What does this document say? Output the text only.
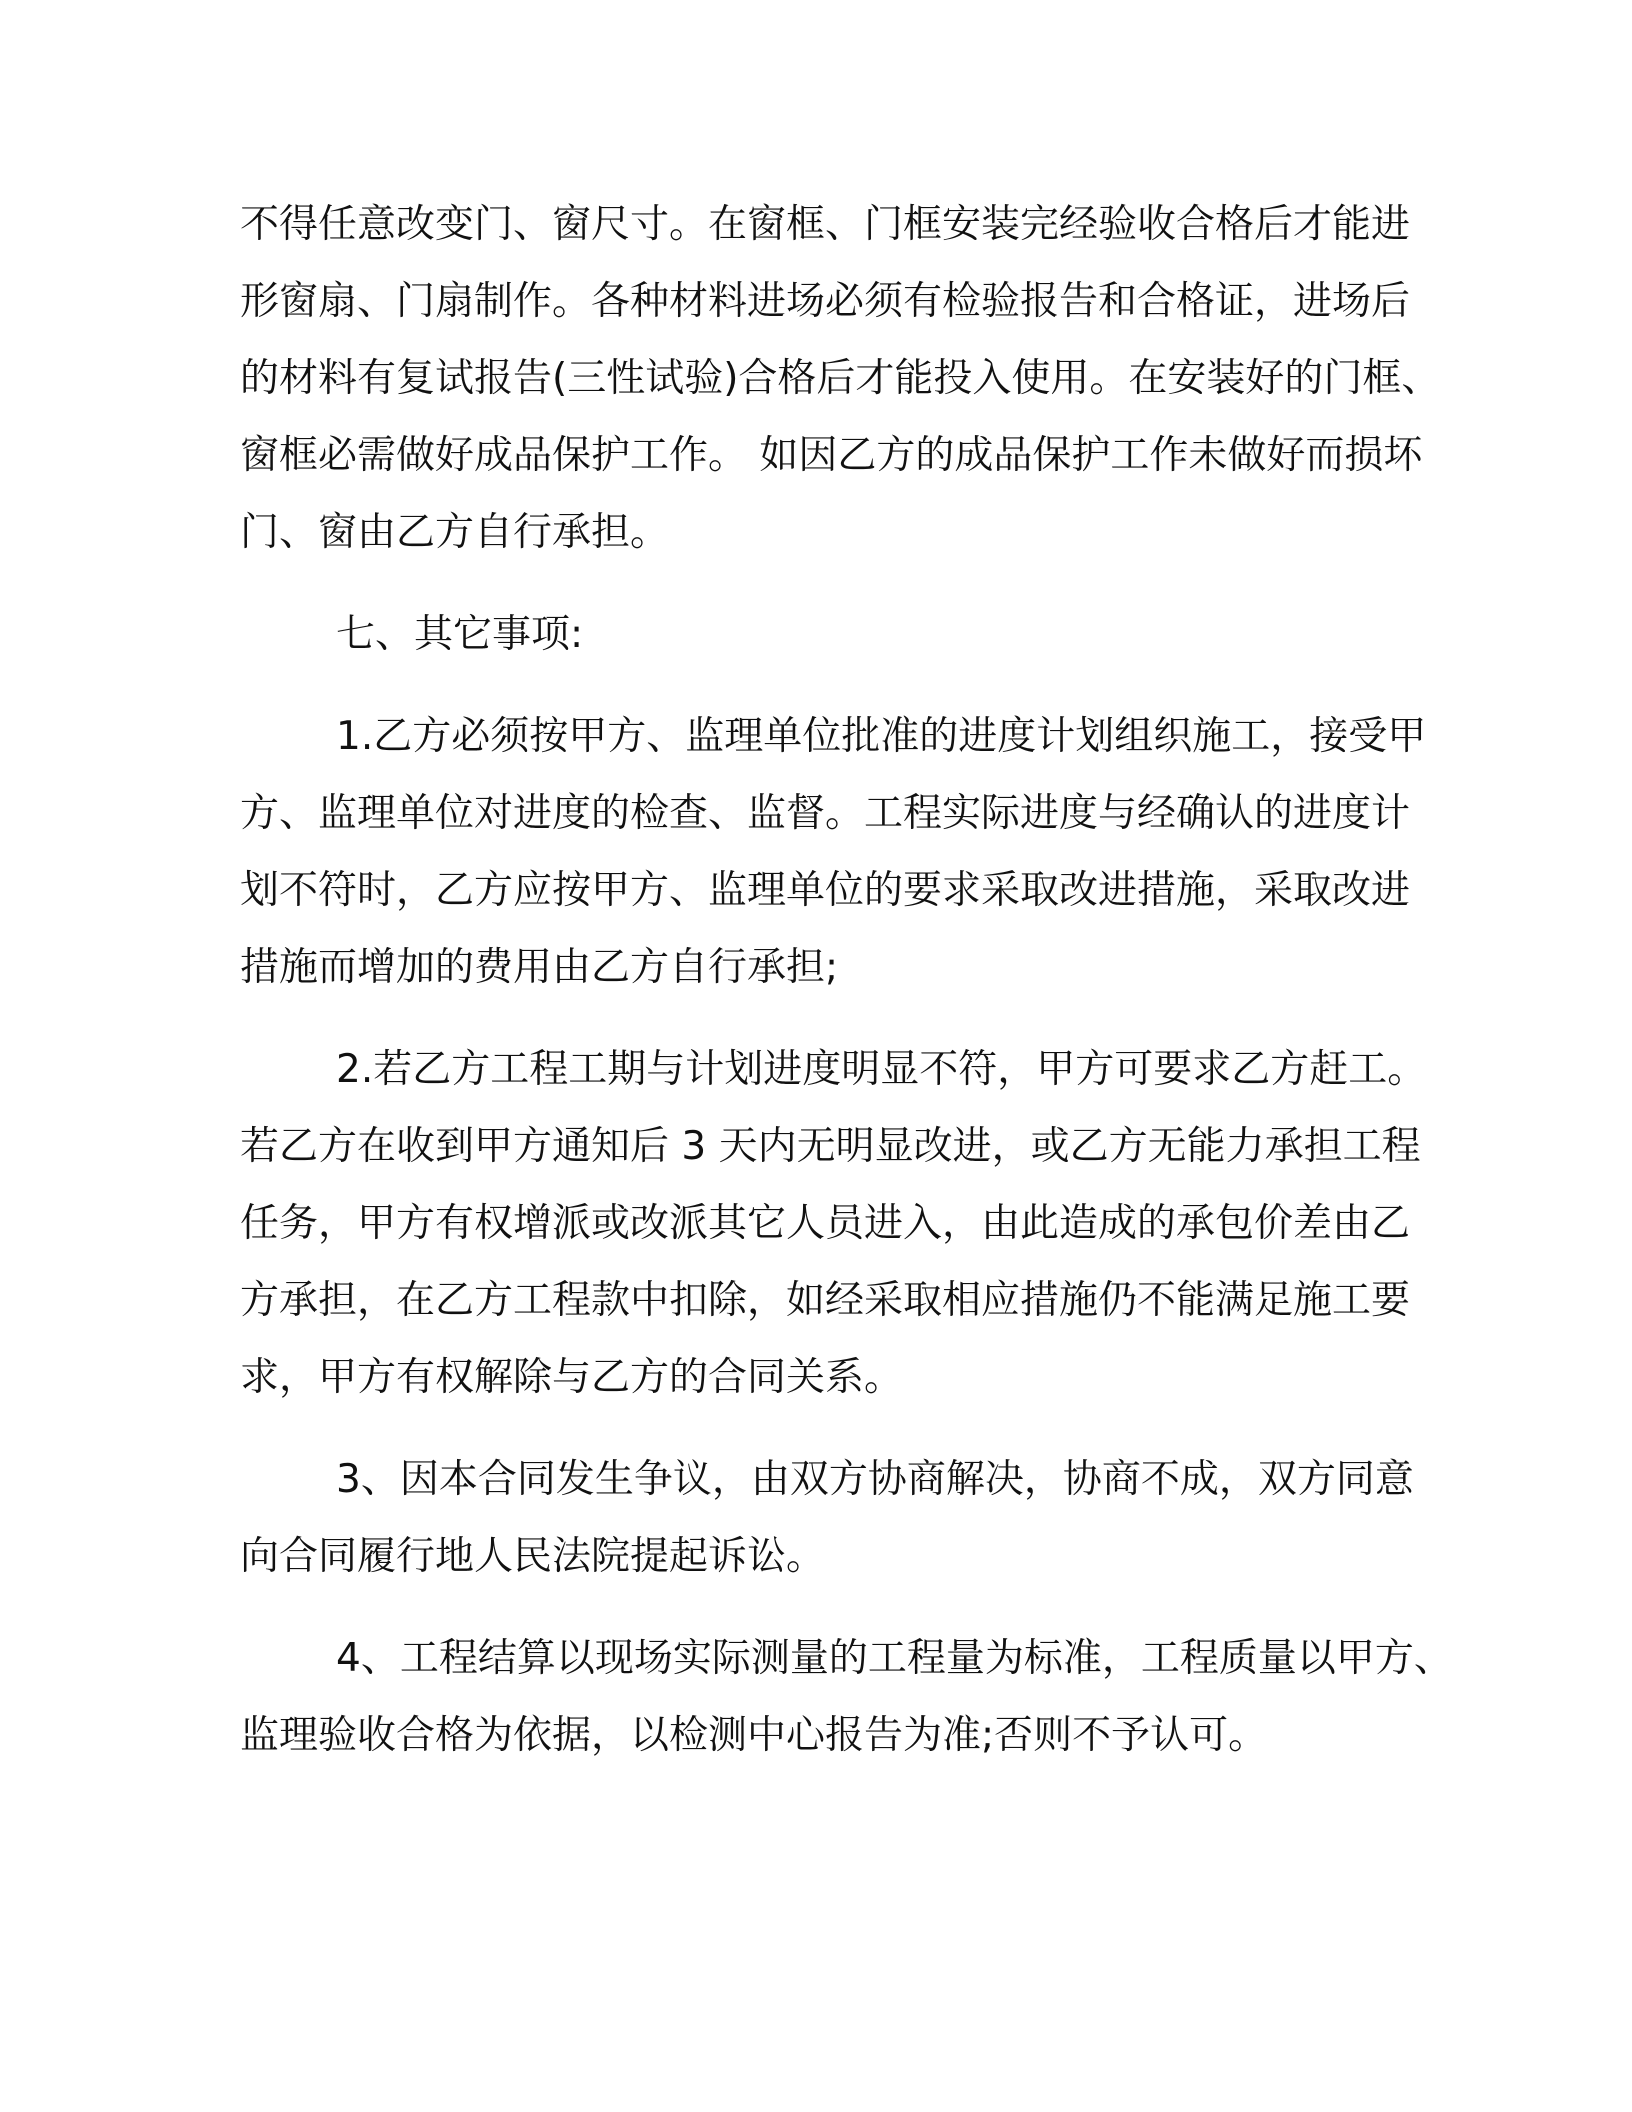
不得任意改变门、窗尺寸。在窗框、门框安装完经验收合格后才能进
形窗扇、门扇制作。各种材料进场必须有检验报告和合格证，进场后
的材料有复试报告(三性试验)合格后才能投入使用。在安装好的门框、
窗框必需做好成品保护工作。 如因乙方的成品保护工作未做好而损坏
门、窗由乙方自行承担。

七、其它事项:

1.乙方必须按甲方、监理单位批准的进度计划组织施工，接受甲
方、监理单位对进度的检查、监督。工程实际进度与经确认的进度计
划不符时，乙方应按甲方、监理单位的要求采取改进措施，采取改进
措施而增加的费用由乙方自行承担;

2.若乙方工程工期与计划进度明显不符，甲方可要求乙方赶工。
若乙方在收到甲方通知后 3 天内无明显改进，或乙方无能力承担工程
任务，甲方有权增派或改派其它人员进入，由此造成的承包价差由乙
方承担，在乙方工程款中扣除，如经采取相应措施仍不能满足施工要
求，甲方有权解除与乙方的合同关系。

3、因本合同发生争议，由双方协商解决，协商不成，双方同意
向合同履行地人民法院提起诉讼。

4、工程结算以现场实际测量的工程量为标准，工程质量以甲方、
监理验收合格为依据，以检测中心报告为准;否则不予认可。
